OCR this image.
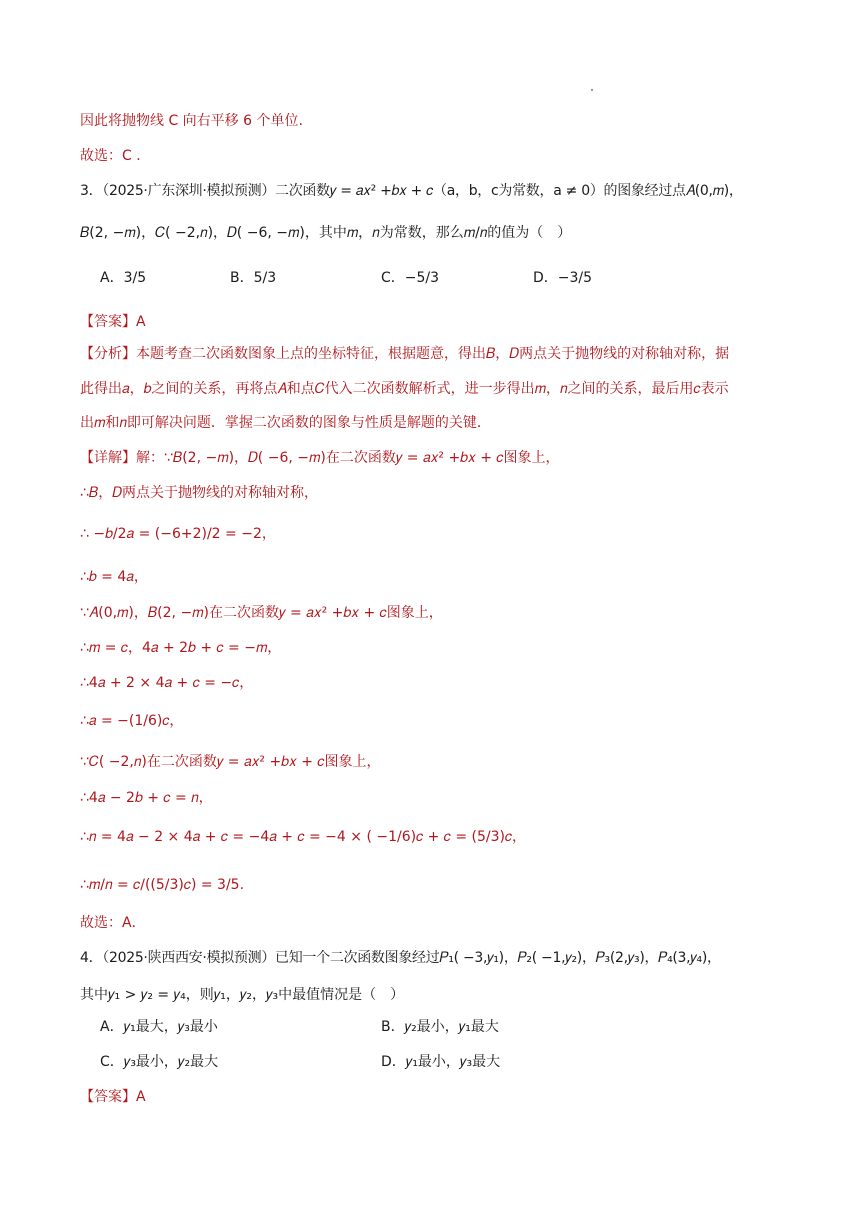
因此将抛物线 C 向右平移 6 个单位.
故选：C .
3．（2025·广东深圳·模拟预测）二次函数𝑦 = 𝑎𝑥² +𝑏𝑥 + 𝑐（a，b，c为常数，a ≠ 0）的图象经过点𝐴(0,𝑚)，
𝐵(2, −𝑚)，𝐶( −2,𝑛)，𝐷( −6, −𝑚)，其中𝑚，𝑛为常数，那么𝑚/𝑛的值为（　）
A．3/5	B．5/3	C．−5/3	D．−3/5
【答案】A
【分析】本题考查二次函数图象上点的坐标特征，根据题意，得出𝐵，𝐷两点关于抛物线的对称轴对称，据
此得出𝑎，𝑏之间的关系，再将点𝐴和点𝐶代入二次函数解析式，进一步得出𝑚，𝑛之间的关系，最后用𝑐表示
出𝑚和𝑛即可解决问题．掌握二次函数的图象与性质是解题的关键．
【详解】解：∵𝐵(2, −𝑚)，𝐷( −6, −𝑚)在二次函数𝑦 = 𝑎𝑥² +𝑏𝑥 + 𝑐图象上，
∴𝐵，𝐷两点关于抛物线的对称轴对称，
∴ −𝑏/2𝑎 = (−6+2)/2 = −2，
∴𝑏 = 4𝑎，
∵𝐴(0,𝑚)，𝐵(2, −𝑚)在二次函数𝑦 = 𝑎𝑥² +𝑏𝑥 + 𝑐图象上，
∴𝑚 = 𝑐，4𝑎 + 2𝑏 + 𝑐 = −𝑚，
∴4𝑎 + 2 × 4𝑎 + 𝑐 = −𝑐，
∴𝑎 = −(1/6)𝑐，
∵𝐶( −2,𝑛)在二次函数𝑦 = 𝑎𝑥² +𝑏𝑥 + 𝑐图象上，
∴4𝑎 − 2𝑏 + 𝑐 = 𝑛，
∴𝑛 = 4𝑎 − 2 × 4𝑎 + 𝑐 = −4𝑎 + 𝑐 = −4 × ( −1/6)𝑐 + 𝑐 = (5/3)𝑐，
∴𝑚/𝑛 = 𝑐/((5/3)𝑐) = 3/5.
故选：A．
4．（2025·陕西西安·模拟预测）已知一个二次函数图象经过𝑃₁( −3,𝑦₁)，𝑃₂( −1,𝑦₂)，𝑃₃(2,𝑦₃)，𝑃₄(3,𝑦₄)，
其中𝑦₁ > 𝑦₂ = 𝑦₄，则𝑦₁，𝑦₂，𝑦₃中最值情况是（　）
A．𝑦₁最大，𝑦₃最小	B．𝑦₂最小，𝑦₁最大
C．𝑦₃最小，𝑦₂最大	D．𝑦₁最小，𝑦₃最大
【答案】A
